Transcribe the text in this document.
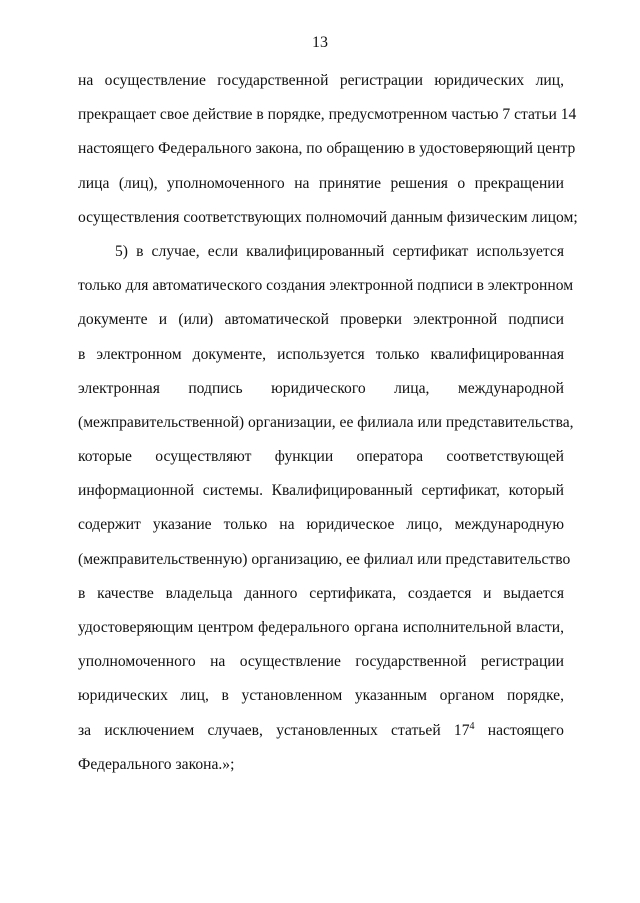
13
на осуществление государственной регистрации юридических лиц,
прекращает свое действие в порядке, предусмотренном частью 7 статьи 14
настоящего Федерального закона, по обращению в удостоверяющий центр
лица (лиц), уполномоченного на принятие решения о прекращении
осуществления соответствующих полномочий данным физическим лицом;
5) в случае, если квалифицированный сертификат используется
только для автоматического создания электронной подписи в электронном
документе и (или) автоматической проверки электронной подписи
в электронном документе, используется только квалифицированная
электронная подпись юридического лица, международной
(межправительственной) организации, ее филиала или представительства,
которые осуществляют функции оператора соответствующей
информационной системы. Квалифицированный сертификат, который
содержит указание только на юридическое лицо, международную
(межправительственную) организацию, ее филиал или представительство
в качестве владельца данного сертификата, создается и выдается
удостоверяющим центром федерального органа исполнительной власти,
уполномоченного на осуществление государственной регистрации
юридических лиц, в установленном указанным органом порядке,
за исключением случаев, установленных статьей $17^4$ настоящего
Федерального закона.»;
